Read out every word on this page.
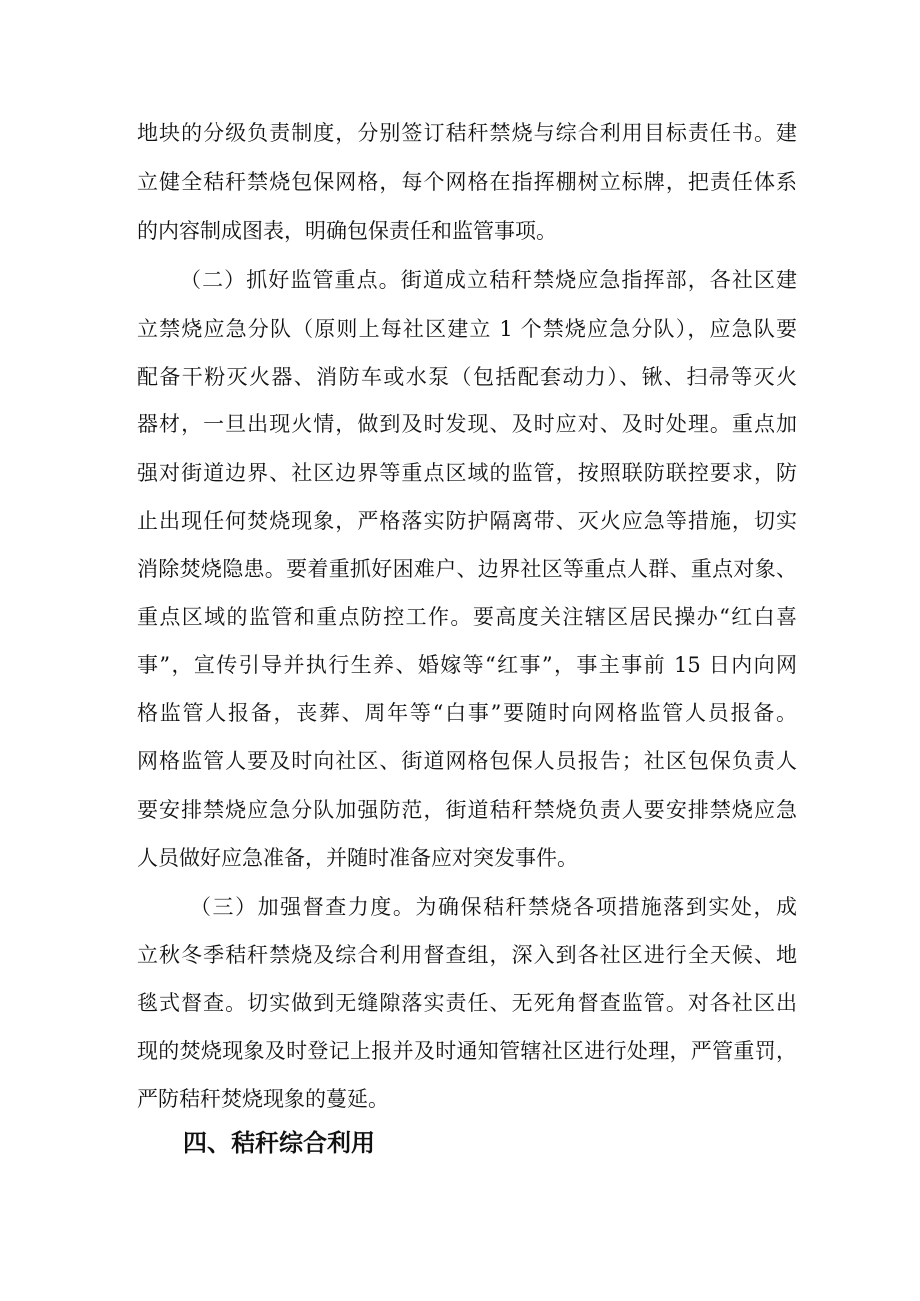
地块的分级负责制度，分别签订秸秆禁烧与综合利用目标责任书。建
立健全秸秆禁烧包保网格，每个网格在指挥棚树立标牌，把责任体系
的内容制成图表，明确包保责任和监管事项。
（二）抓好监管重点。街道成立秸秆禁烧应急指挥部，各社区建
立禁烧应急分队（原则上每社区建立 1 个禁烧应急分队），应急队要
配备干粉灭火器、消防车或水泵（包括配套动力）、锹、扫帚等灭火
器材，一旦出现火情，做到及时发现、及时应对、及时处理。重点加
强对街道边界、社区边界等重点区域的监管，按照联防联控要求，防
止出现任何焚烧现象，严格落实防护隔离带、灭火应急等措施，切实
消除焚烧隐患。要着重抓好困难户、边界社区等重点人群、重点对象、
重点区域的监管和重点防控工作。要高度关注辖区居民操办“红白喜
事”，宣传引导并执行生养、婚嫁等“红事”，事主事前 15 日内向网
格监管人报备，丧葬、周年等“白事”要随时向网格监管人员报备。
网格监管人要及时向社区、街道网格包保人员报告；社区包保负责人
要安排禁烧应急分队加强防范，街道秸秆禁烧负责人要安排禁烧应急
人员做好应急准备，并随时准备应对突发事件。
（三）加强督查力度。为确保秸秆禁烧各项措施落到实处，成
立秋冬季秸秆禁烧及综合利用督查组，深入到各社区进行全天候、地
毯式督查。切实做到无缝隙落实责任、无死角督查监管。对各社区出
现的焚烧现象及时登记上报并及时通知管辖社区进行处理，严管重罚，
严防秸秆焚烧现象的蔓延。
四、秸秆综合利用
